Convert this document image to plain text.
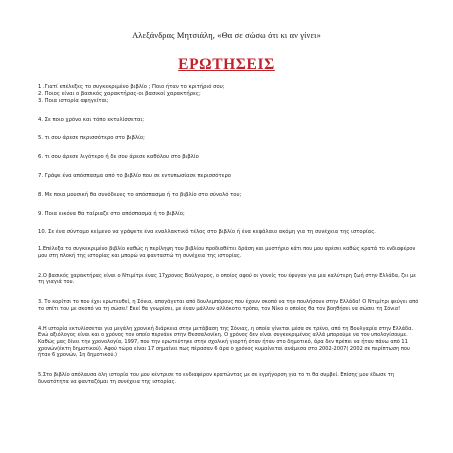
Αλεξάνδρας Μητσιάλη, «Θα σε σώσω ότι κι αν γίνει»
ΕΡΩΤΗΣΕΙΣ
1 .Γιατί επέλεξες το συγκεκριμένο βιβλίο ; Ποιο ήταν το κριτήριό σου;
2. Ποιος είναι ο βασικός χαρακτήρας-οι βασικοί χαρακτήρες;
3. Ποια ιστορία αφηγείται;
4. Σε ποιο χρόνο και τόπο εκτυλίσσεται;
5. τι σου άρεσε περισσότερο στο βιβλίο;
6. τι σου άρεσε λιγότερο ή δε σου άρεσε καθόλου στο βιβλίο
7. Γράψε ένα απόσπασμα από το βιβλίο που σε εντυπωσίασε περισσότερο
8. Με ποια μουσική θα συνόδευες το απόσπασμα ή το βιβλίο στο σύνολό του;
9. Ποια εικόνα θα ταίριαζε στο απόσπασμα ή το βιβλίο;
10. Σε ένα σύντομο κείμενο να γράψετε ένα εναλλακτικό τέλος στο βιβλίο ή ένα κεφάλαιο ακόμη για τη συνέχεια της ιστορίας.
1.Επέλεξα το συγκεκριμένο βιβλίο καθώς η περίληψη του βιβλίου προδιαθέτει δράση και μυστήριο κάτι που μου αρέσει καθώς κρατά το ενδιαφέρον μου στη πλοκή της ιστορίας και μπορώ να φανταστώ τη συνέχεια της ιστορίας.
2.Ο βασικός χαρακτήρας είναι ο Ντιμίτρι ένας 17χρονος Βούλγαρος, ο οποίος αφού οι γονείς του έφυγαν για μια καλύτερη ζωή στην Ελλάδα, ζει με τη γιαγιά του.
3. Το κορίτσι το που έχει ερωτευθεί, η Σόνια, απαγάγεται από δουλεμπόρους που έχουν σκοπό να την πουλήσουν στην Ελλάδα! Ο Ντιμίτρι φεύγει από το σπίτι του με σκοπό να τη σώσει! Εκεί θα γνωρίσει, με έναν μάλλον αλλόκοτο τρόπο, τον Νίκο ο οποίος θα τον βοηθήσει να σώσει τη Σόνια!
4.Η ιστορία εκτυλίσσεται για μεγάλη χρονική διάρκεια στην μετάβαση της Σόνιας, η οποία γίνεται μέσα σε τρένο, από τη Βουλγαρία στην Ελλάδα. Ενώ αξιόλογος είναι και ο χρόνος τον οποίο περνάνε στην Θεσσαλονίκη. Ο χρόνος δεν είναι συγκεκριμένος αλλά μπορούμε να τον υπολογίσουμε. Καθώς μας δίνει την χρονολογία, 1997, που την ερωτεύτηκε στην σχολική γιορτή όταν ήταν στο δημοτικό, άρα δεν πρέπει να ήταν πάνω από 11 χρονών(έκτη δημοτικού). Αφού τώρα είναι 17 σημαίνει πως πέρασαν 6 άρα ο χρόνος κυμαίνεται ανάμεσα στο 2002-2007( 2002 σε περίπτωση που ήταν 6 χρονών, 1η δημοτικού.)
5.Στο βιβλίο απόλαυσα όλη ιστορία του μου κέντρισε το ενδιαφέρον κρατώντας με σε εγρήγορση για το τι θα συμβεί. Επίσης μου έδωσε τη δυνατότητα να φανταζόμαι τη συνέχεια της ιστορίας.
